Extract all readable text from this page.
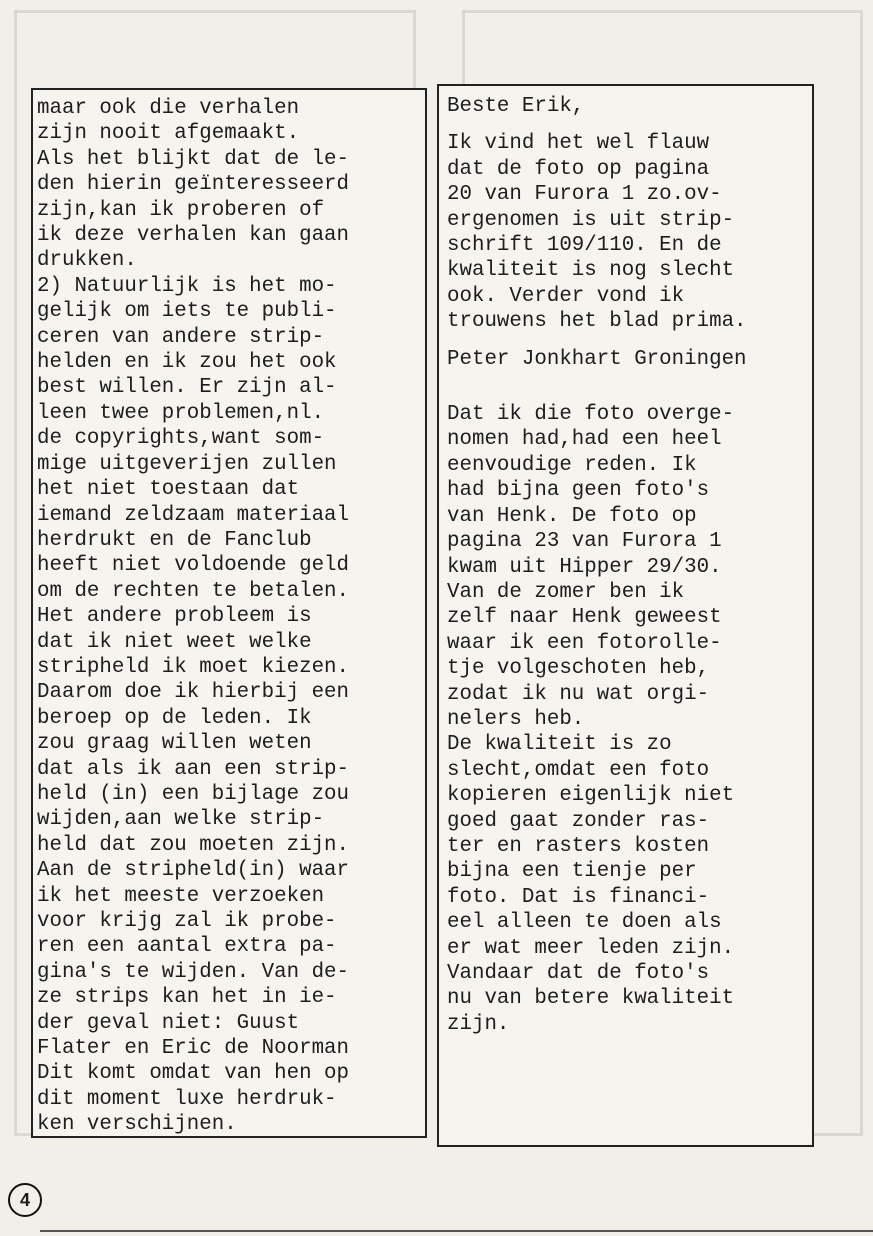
maar ook die verhalen

zijn nooit afgemaakt.

Als het blijkt dat de le-

den hierin geïnteresseerd

zijn,kan ik proberen of

ik deze verhalen kan gaan

drukken.

2) Natuurlijk is het mo-

gelijk om iets te publi-

ceren van andere strip-

helden en ik zou het ook

best willen. Er zijn al-

leen twee problemen,nl.

de copyrights,want som-

mige uitgeverijen zullen

het niet toestaan dat

iemand zeldzaam materiaal

herdrukt en de Fanclub

heeft niet voldoende geld

om de rechten te betalen.

Het andere probleem is

dat ik niet weet welke

stripheld ik moet kiezen.

Daarom doe ik hierbij een

beroep op de leden. Ik

zou graag willen weten

dat als ik aan een strip-

held (in) een bijlage zou

wijden,aan welke strip-

held dat zou moeten zijn.

Aan de stripheld(in) waar

ik het meeste verzoeken

voor krijg zal ik probe-

ren een aantal extra pa-

gina's te wijden. Van de-

ze strips kan het in ie-

der geval niet: Guust

Flater en Eric de Noorman

Dit komt omdat van hen op

dit moment luxe herdruk-

ken verschijnen.

Beste Erik,

Ik vind het wel flauw

dat de foto op pagina

20 van Furora 1 zo.ov-

ergenomen is uit strip-

schrift 109/110. En de

kwaliteit is nog slecht

ook. Verder vond ik

trouwens het blad prima.

Peter Jonkhart Groningen

Dat ik die foto overge-

nomen had,had een heel

eenvoudige reden. Ik

had bijna geen foto's

van Henk. De foto op

pagina 23 van Furora 1

kwam uit Hipper 29/30.

Van de zomer ben ik

zelf naar Henk geweest

waar ik een fotorolle-

tje volgeschoten heb,

zodat ik nu wat orgi-

nelers heb.

De kwaliteit is zo

slecht,omdat een foto

kopieren eigenlijk niet

goed gaat zonder ras-

ter en rasters kosten

bijna een tienje per

foto. Dat is financi-

eel alleen te doen als

er wat meer leden zijn.

Vandaar dat de foto's

nu van betere kwaliteit

zijn.

4
